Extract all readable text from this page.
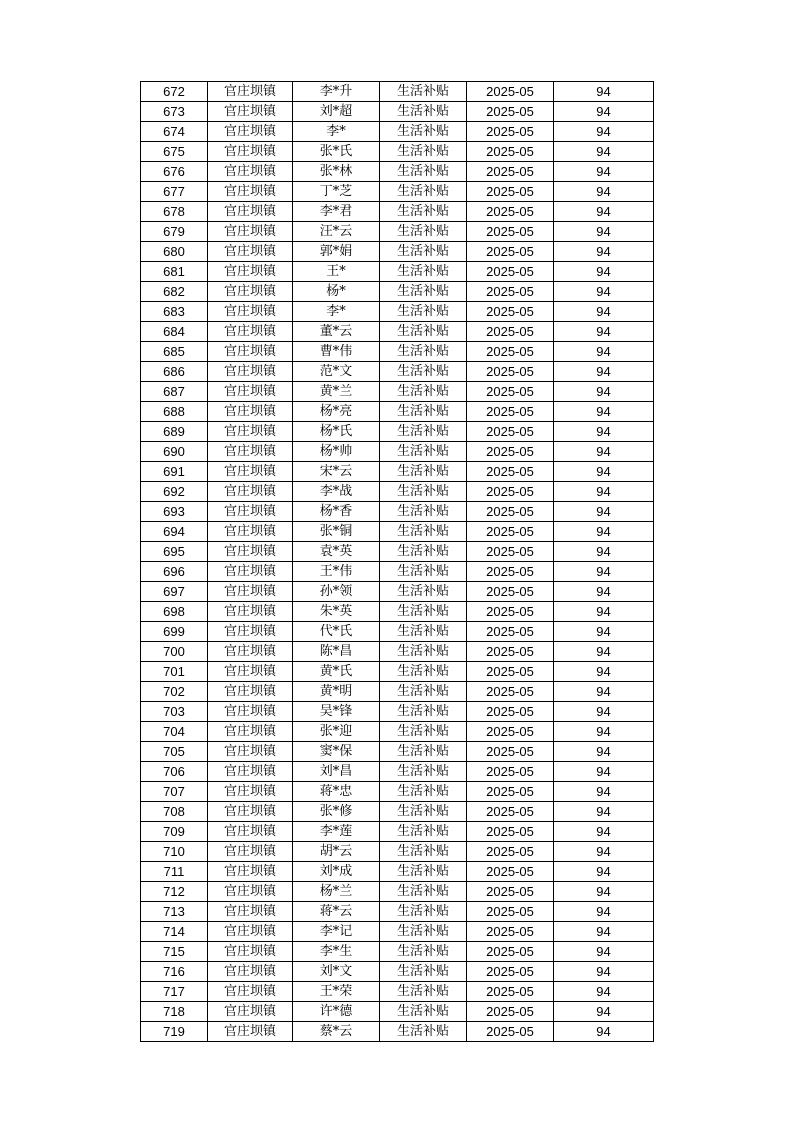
672	官庄坝镇	李*升	生活补贴	2025-05	94
673	官庄坝镇	刘*超	生活补贴	2025-05	94
674	官庄坝镇	李*	生活补贴	2025-05	94
675	官庄坝镇	张*氏	生活补贴	2025-05	94
676	官庄坝镇	张*林	生活补贴	2025-05	94
677	官庄坝镇	丁*芝	生活补贴	2025-05	94
678	官庄坝镇	李*君	生活补贴	2025-05	94
679	官庄坝镇	汪*云	生活补贴	2025-05	94
680	官庄坝镇	郭*娟	生活补贴	2025-05	94
681	官庄坝镇	王*	生活补贴	2025-05	94
682	官庄坝镇	杨*	生活补贴	2025-05	94
683	官庄坝镇	李*	生活补贴	2025-05	94
684	官庄坝镇	董*云	生活补贴	2025-05	94
685	官庄坝镇	曹*伟	生活补贴	2025-05	94
686	官庄坝镇	范*文	生活补贴	2025-05	94
687	官庄坝镇	黄*兰	生活补贴	2025-05	94
688	官庄坝镇	杨*亮	生活补贴	2025-05	94
689	官庄坝镇	杨*氏	生活补贴	2025-05	94
690	官庄坝镇	杨*帅	生活补贴	2025-05	94
691	官庄坝镇	宋*云	生活补贴	2025-05	94
692	官庄坝镇	李*战	生活补贴	2025-05	94
693	官庄坝镇	杨*香	生活补贴	2025-05	94
694	官庄坝镇	张*铜	生活补贴	2025-05	94
695	官庄坝镇	袁*英	生活补贴	2025-05	94
696	官庄坝镇	王*伟	生活补贴	2025-05	94
697	官庄坝镇	孙*领	生活补贴	2025-05	94
698	官庄坝镇	朱*英	生活补贴	2025-05	94
699	官庄坝镇	代*氏	生活补贴	2025-05	94
700	官庄坝镇	陈*昌	生活补贴	2025-05	94
701	官庄坝镇	黄*氏	生活补贴	2025-05	94
702	官庄坝镇	黄*明	生活补贴	2025-05	94
703	官庄坝镇	吴*锋	生活补贴	2025-05	94
704	官庄坝镇	张*迎	生活补贴	2025-05	94
705	官庄坝镇	窦*保	生活补贴	2025-05	94
706	官庄坝镇	刘*昌	生活补贴	2025-05	94
707	官庄坝镇	蒋*忠	生活补贴	2025-05	94
708	官庄坝镇	张*修	生活补贴	2025-05	94
709	官庄坝镇	李*莲	生活补贴	2025-05	94
710	官庄坝镇	胡*云	生活补贴	2025-05	94
711	官庄坝镇	刘*成	生活补贴	2025-05	94
712	官庄坝镇	杨*兰	生活补贴	2025-05	94
713	官庄坝镇	蒋*云	生活补贴	2025-05	94
714	官庄坝镇	李*记	生活补贴	2025-05	94
715	官庄坝镇	李*生	生活补贴	2025-05	94
716	官庄坝镇	刘*文	生活补贴	2025-05	94
717	官庄坝镇	王*荣	生活补贴	2025-05	94
718	官庄坝镇	许*德	生活补贴	2025-05	94
719	官庄坝镇	蔡*云	生活补贴	2025-05	94
